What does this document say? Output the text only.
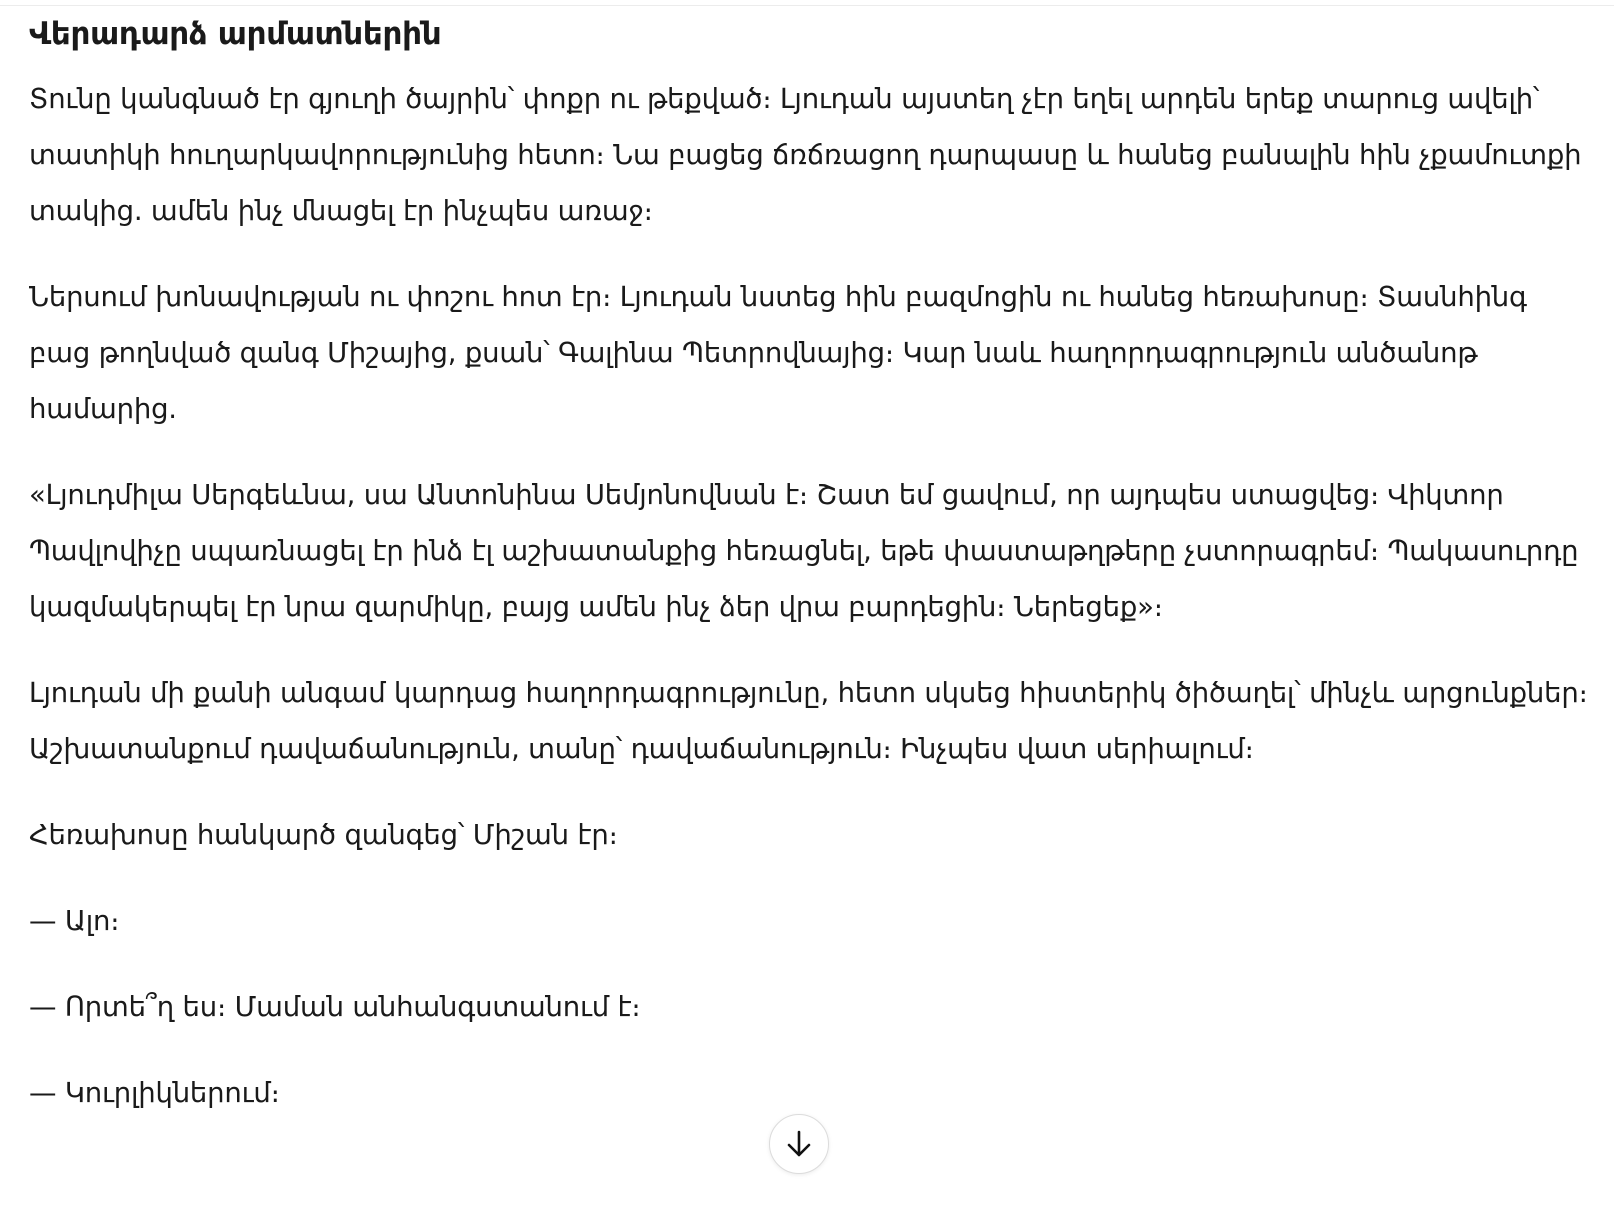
Վերադարձ արմատներին

Տունը կանգնած էր գյուղի ծայրին՝ փոքր ու թեքված։ Լյուդան այստեղ չէր եղել արդեն երեք տարուց ավելի՝ տատիկի հուղարկավորությունից հետո։ Նա բացեց ճռճռացող դարպասը և հանեց բանալին հին չքամուտքի տակից. ամեն ինչ մնացել էր ինչպես առաջ։

Ներսում խոնավության ու փոշու հոտ էր։ Լյուդան նստեց հին բազմոցին ու հանեց հեռախոսը։ Տասնհինգ բաց թողնված զանգ Միշայից, քսան՝ Գալինա Պետրովնայից։ Կար նաև հաղորդագրություն անծանոթ համարից.

«Լյուդմիլա Սերգեևնա, սա Անտոնինա Սեմյոնովնան է։ Շատ եմ ցավում, որ այդպես ստացվեց։ Վիկտոր Պավլովիչը սպառնացել էր ինձ էլ աշխատանքից հեռացնել, եթե փաստաթղթերը չստորագրեմ։ Պակասուրդը կազմակերպել էր նրա զարմիկը, բայց ամեն ինչ ձեր վրա բարդեցին։ Ներեցեք»։

Լյուդան մի քանի անգամ կարդաց հաղորդագրությունը, հետո սկսեց հիստերիկ ծիծաղել՝ մինչև արցունքներ։ Աշխատանքում դավաճանություն, տանը՝ դավաճանություն։ Ինչպես վատ սերիալում։

Հեռախոսը հանկարծ զանգեց՝ Միշան էր։

— Ալո։

— Որտե՞ղ ես։ Մաման անհանգստանում է։

— Կուրլիկներում։
